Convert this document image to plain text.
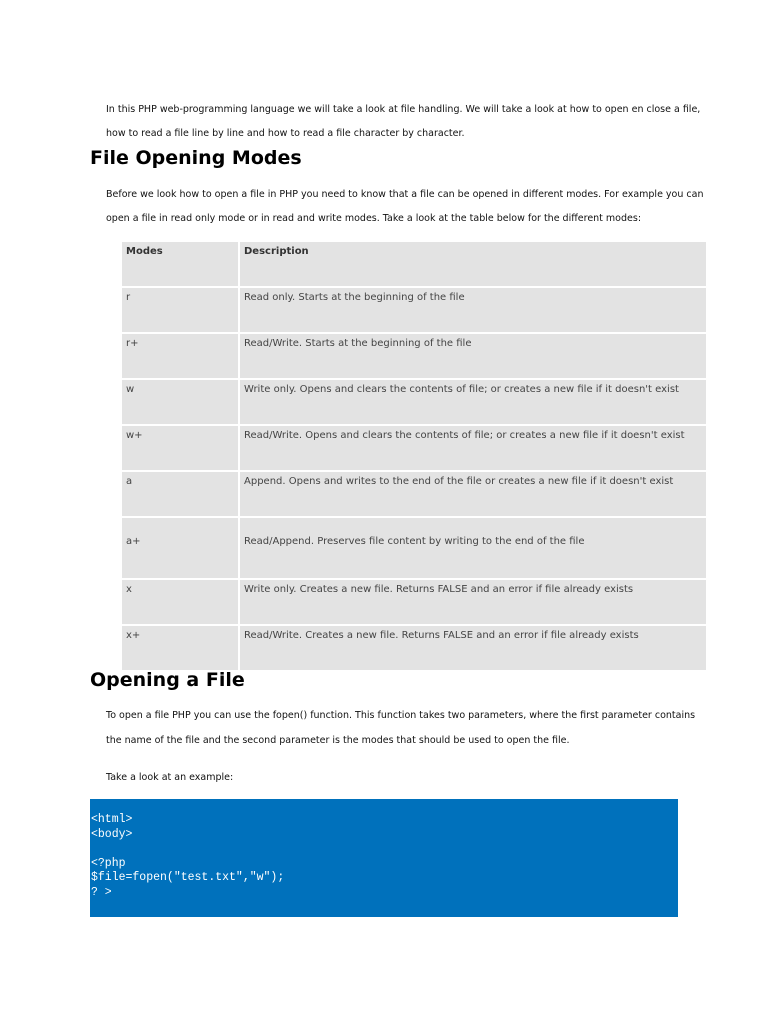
In this PHP web-programming language we will take a look at file handling. We will take a look at how to open en close a file,

how to read a file line by line and how to read a file character by character.

File Opening Modes

Before we look how to open a file in PHP you need to know that a file can be opened in different modes. For example you can

open a file in read only mode or in read and write modes. Take a look at the table below for the different modes:

Modes	Description
r	Read only. Starts at the beginning of the file
r+	Read/Write. Starts at the beginning of the file
w	Write only. Opens and clears the contents of file; or creates a new file if it doesn't exist
w+	Read/Write. Opens and clears the contents of file; or creates a new file if it doesn't exist
a	Append. Opens and writes to the end of the file or creates a new file if it doesn't exist
a+	Read/Append. Preserves file content by writing to the end of the file
x	Write only. Creates a new file. Returns FALSE and an error if file already exists
x+	Read/Write. Creates a new file. Returns FALSE and an error if file already exists
Opening a File

To open a file PHP you can use the fopen() function. This function takes two parameters, where the first parameter contains

the name of the file and the second parameter is the modes that should be used to open the file.

Take a look at an example:

<html>
<body>

<?php
$file=fopen("test.txt","w");
? >
